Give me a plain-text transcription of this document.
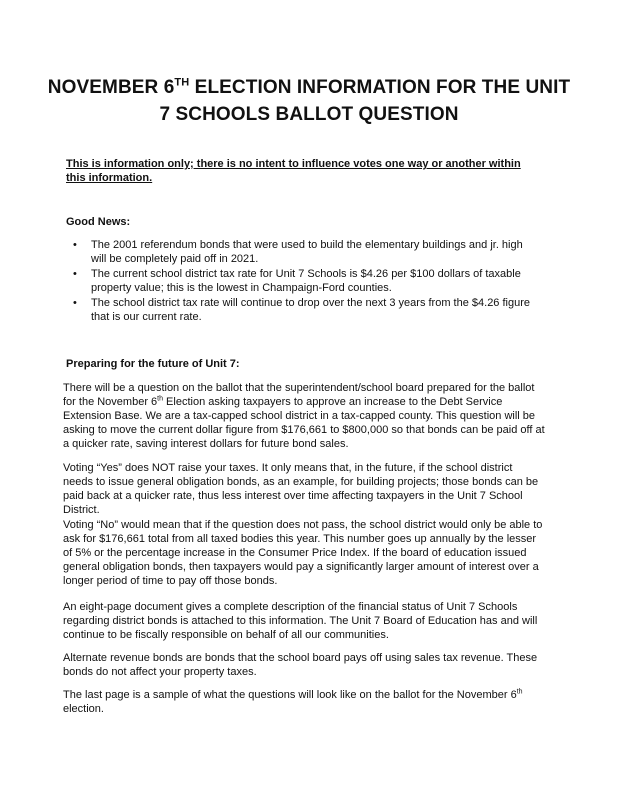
NOVEMBER 6TH ELECTION INFORMATION FOR THE UNIT
7 SCHOOLS BALLOT QUESTION
This is information only; there is no intent to influence votes one way or another within this information.
Good News:
• The 2001 referendum bonds that were used to build the elementary buildings and jr. high will be completely paid off in 2021.
• The current school district tax rate for Unit 7 Schools is $4.26 per $100 dollars of taxable property value; this is the lowest in Champaign-Ford counties.
• The school district tax rate will continue to drop over the next 3 years from the $4.26 figure that is our current rate.
Preparing for the future of Unit 7:

There will be a question on the ballot that the superintendent/school board prepared for the ballot for the November 6th Election asking taxpayers to approve an increase to the Debt Service Extension Base. We are a tax-capped school district in a tax-capped county. This question will be asking to move the current dollar figure from $176,661 to $800,000 so that bonds can be paid off at a quicker rate, saving interest dollars for future bond sales.

Voting “Yes” does NOT raise your taxes. It only means that, in the future, if the school district needs to issue general obligation bonds, as an example, for building projects; those bonds can be paid back at a quicker rate, thus less interest over time affecting taxpayers in the Unit 7 School District.

Voting “No” would mean that if the question does not pass, the school district would only be able to ask for $176,661 total from all taxed bodies this year. This number goes up annually by the lesser of 5% or the percentage increase in the Consumer Price Index. If the board of education issued general obligation bonds, then taxpayers would pay a significantly larger amount of interest over a longer period of time to pay off those bonds.

An eight-page document gives a complete description of the financial status of Unit 7 Schools regarding district bonds is attached to this information. The Unit 7 Board of Education has and will continue to be fiscally responsible on behalf of all our communities.

Alternate revenue bonds are bonds that the school board pays off using sales tax revenue. These bonds do not affect your property taxes.

The last page is a sample of what the questions will look like on the ballot for the November 6th election.
